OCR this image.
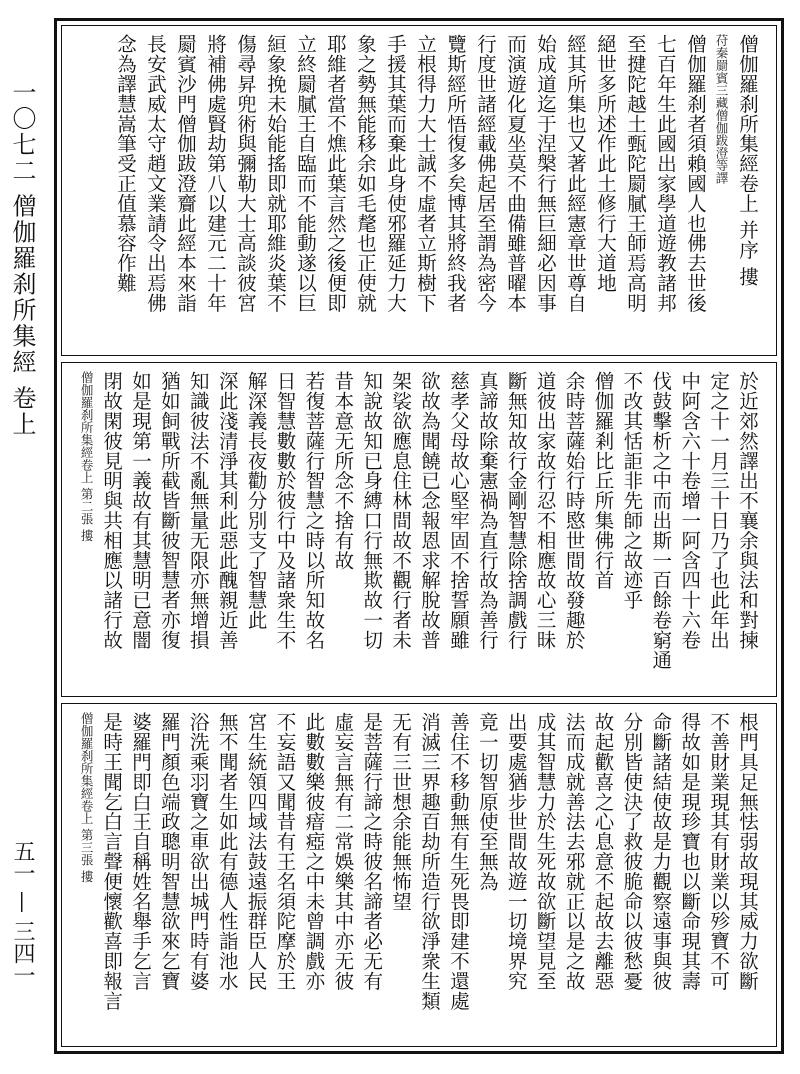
一〇七二 僧伽羅刹所集經 卷上
五一 — 三四一
僧伽羅刹所集經卷上 并序 摟
苻秦罽賓三藏僧伽跋澄等譯
僧伽羅刹者須賴國人也佛去世後
七百年生此國出家學道遊教諸邦
至揵陀越土甄陀罽膩王師焉高明
絕世多所述作此土修行大道地
經其所集也又著此經憲章世尊自
始成道迄于涅槃行無巨細必因事
而演遊化夏坐莫不曲備雖普曜本
行度世諸經載佛起居至謂為密今
覽斯經所悟復多矣博其將終我者
立根得力大士誠不虛者立斯樹下
手援其葉而棄此身使邪羅延力大
象之勢無能移余如毛氂也正使就
耶維者當不燋此葉言然之後便即
立終罽膩王自臨而不能動遂以巨
絙象挽未始能搖即就耶維炎葉不
傷尋昇兜術與彌勒大士高談彼宮
將補佛處賢劫第八以建元二十年
罽賓沙門僧伽跋澄齎此經本來詣
長安武威太守趙文業請令出焉佛
念為譯慧嵩筆受正值慕容作難
於近郊然譯出不襄余與法和對揀
定之十一月三十日乃了也此年出
中阿含六十卷增一阿含四十六卷
伐鼓擊析之中而出斯一百餘卷窮通
不改其恬詎非先師之故迹乎
僧伽羅剎比丘所集佛行首
余時菩薩始行時愍世間故發趣於
道彼出家故行忍不相應故心三昧
斷無知故行金剛智慧除捨調戲行
真諦故除棄憲禍為直行故為善行
慈孝父母故心堅牢固不捨誓願雖
欲故為聞饒已念報恩求解脫故普
架裟欲應息住林間故不觀行者未
知說故知已身縛口行無欺故一切
昔本意无所念不捨有故
若復菩薩行智慧之時以所知故名
日智慧數數於彼行中及諸衆生不
解深義長夜勸分別支了智慧此
深此淺清淨其利此惡此醜親近善
知識彼法不亂無量无限亦無增損
猶如飼戰所截皆斷彼智慧者亦復
如是現第一義故有其慧明已意闇
閉故閑彼見明與共相應以諸行故
僧伽羅刹所集經卷上 第二張 摟
根門具足無怯弱故現其威力欲斷
不善財業現其有財業以殄寶不可
得故如是現珍寶也以斷命現其壽
命斷諸結使故是力觀察遠事與彼
分別皆使決了救彼脆命以彼愁憂
故起歡喜之心息意不起故去離惡
法而成就善法去邪就正以是之故
成其智慧力於生死故欲斷望見至
出要處猶步世間故遊一切境界究
竟一切智原使至無為
善住不移動無有生死畏即建不還處
消滅三界趣百劫所造行欲淨衆生類
无有三世想余能無怖望
是菩薩行諦之時彼名諦者必无有
虛妄言無有二常娛樂其中亦无彼
此數數樂彼瘖瘂之中未曾調戲亦
不妄語又聞昔有王名須陀摩於王
宮生統領四域法鼓遠振群臣人民
無不聞者生如此有德人性詣池水
浴洗乘羽寶之車欲出城門時有婆
羅門顏色端政聰明智慧欲來乞寶
婆羅門即白王自稱姓名舉手乞言
是時王聞乞白言聲便懷歡喜即報言
僧伽羅刹所集經卷上 第三張 摟
